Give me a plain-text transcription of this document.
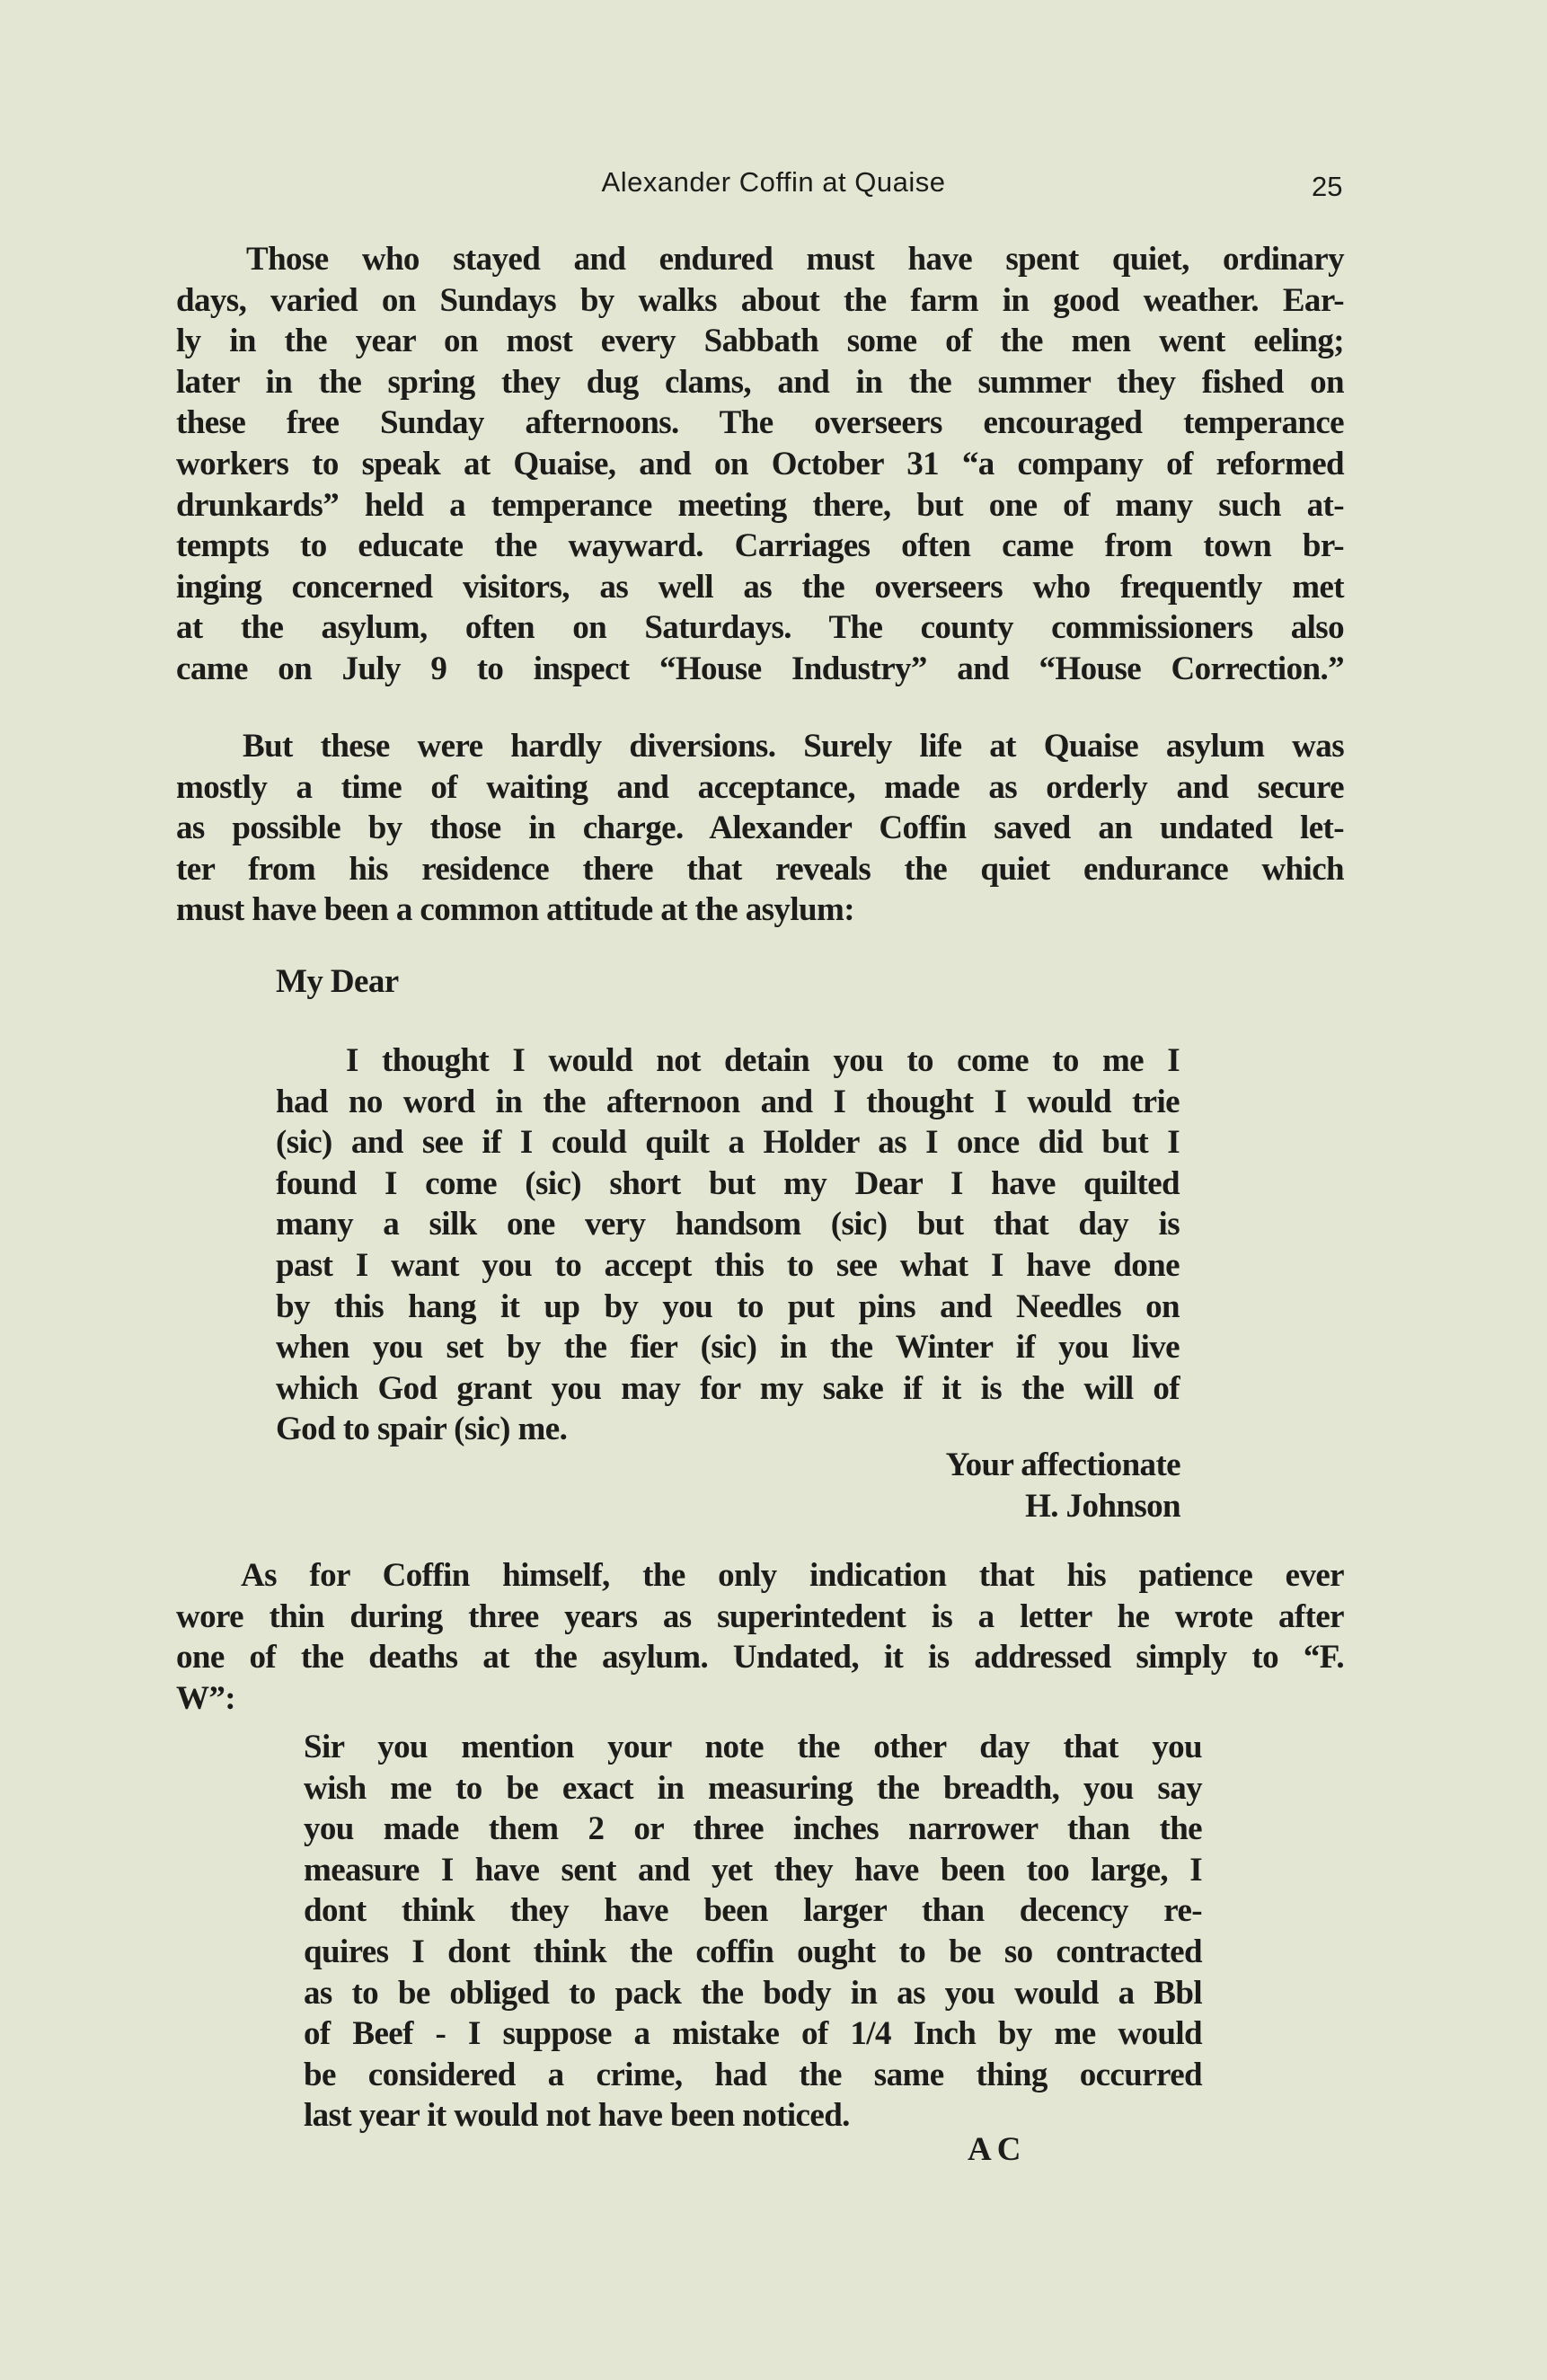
Alexander Coffin at Quaise	25
Those who stayed and endured must have spent quiet, ordinary
days, varied on Sundays by walks about the farm in good weather. Ear-
ly in the year on most every Sabbath some of the men went eeling;
later in the spring they dug clams, and in the summer they fished on
these free Sunday afternoons. The overseers encouraged temperance
workers to speak at Quaise, and on October 31 “a company of reformed
drunkards” held a temperance meeting there, but one of many such at-
tempts to educate the wayward. Carriages often came from town br-
inging concerned visitors, as well as the overseers who frequently met
at the asylum, often on Saturdays. The county commissioners also
came on July 9 to inspect “House Industry” and “House Correction.”
But these were hardly diversions. Surely life at Quaise asylum was
mostly a time of waiting and acceptance, made as orderly and secure
as possible by those in charge. Alexander Coffin saved an undated let-
ter from his residence there that reveals the quiet endurance which
must have been a common attitude at the asylum:
My Dear
I thought I would not detain you to come to me I
had no word in the afternoon and I thought I would trie
(sic) and see if I could quilt a Holder as I once did but I
found I come (sic) short but my Dear I have quilted
many a silk one very handsom (sic) but that day is
past I want you to accept this to see what I have done
by this hang it up by you to put pins and Needles on
when you set by the fier (sic) in the Winter if you live
which God grant you may for my sake if it is the will of
God to spair (sic) me.
Your affectionate
H. Johnson
As for Coffin himself, the only indication that his patience ever
wore thin during three years as superintedent is a letter he wrote after
one of the deaths at the asylum. Undated, it is addressed simply to “F.
W”:
Sir you mention your note the other day that you
wish me to be exact in measuring the breadth, you say
you made them 2 or three inches narrower than the
measure I have sent and yet they have been too large, I
dont think they have been larger than decency re-
quires I dont think the coffin ought to be so contracted
as to be obliged to pack the body in as you would a Bbl
of Beef - I suppose a mistake of 1/4 Inch by me would
be considered a crime, had the same thing occurred
last year it would not have been noticed.
A C
